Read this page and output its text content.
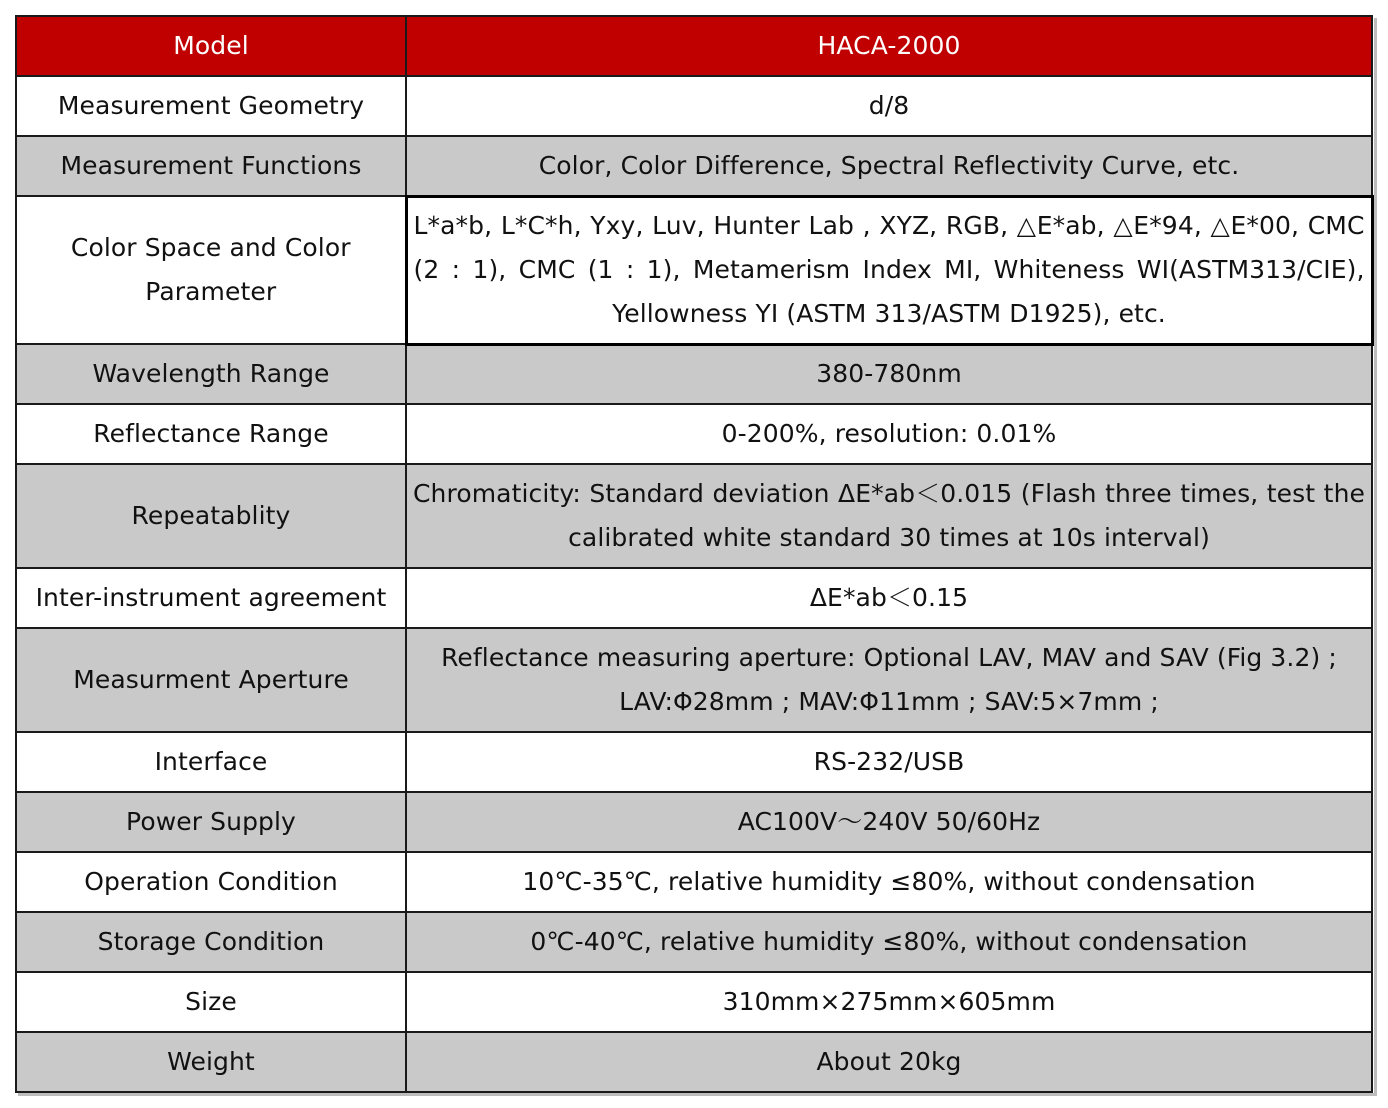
Model	HACA-2000
Measurement Geometry	d/8
Measurement Functions	Color, Color Difference, Spectral Reflectivity Curve, etc.
Color Space and Color Parameter	L*a*b, L*C*h, Yxy, Luv, Hunter Lab , XYZ, RGB, △E*ab, △E*94, △E*00, CMC (2 : 1), CMC (1 : 1), Metamerism Index MI, Whiteness WI(ASTM313/CIE), Yellowness YI (ASTM 313/ASTM D1925), etc.
Wavelength Range	380-780nm
Reflectance Range	0-200%, resolution: 0.01%
Repeatablity	Chromaticity: Standard deviation ΔE*ab＜0.015 (Flash three times, test the calibrated white standard 30 times at 10s interval)
Inter-instrument agreement	ΔE*ab＜0.15
Measurment Aperture	Reflectance measuring aperture: Optional LAV, MAV and SAV (Fig 3.2) ; LAV:Φ28mm ; MAV:Φ11mm ; SAV:5×7mm ;
Interface	RS-232/USB
Power Supply	AC100V～240V 50/60Hz
Operation Condition	10℃-35℃, relative humidity ≤80%, without condensation
Storage Condition	0℃-40℃, relative humidity ≤80%, without condensation
Size	310mm×275mm×605mm
Weight	About 20kg
